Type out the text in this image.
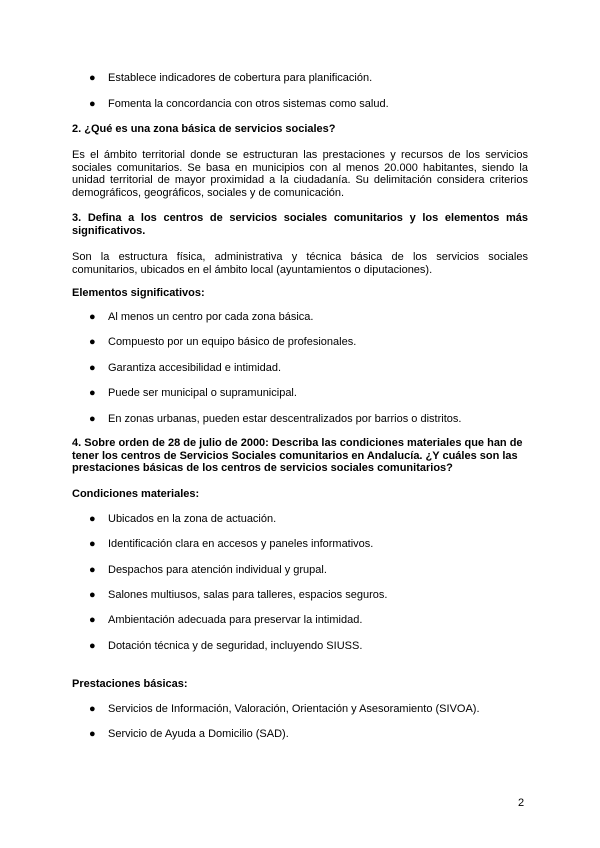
● Establece indicadores de cobertura para planificación.
● Fomenta la concordancia con otros sistemas como salud.

2. ¿Qué es una zona básica de servicios sociales?

Es el ámbito territorial donde se estructuran las prestaciones y recursos de los servicios sociales comunitarios. Se basa en municipios con al menos 20.000 habitantes, siendo la unidad territorial de mayor proximidad a la ciudadanía. Su delimitación considera criterios demográficos, geográficos, sociales y de comunicación.

3. Defina a los centros de servicios sociales comunitarios y los elementos más significativos.

Son la estructura física, administrativa y técnica básica de los servicios sociales comunitarios, ubicados en el ámbito local (ayuntamientos o diputaciones).

Elementos significativos:

● Al menos un centro por cada zona básica.
● Compuesto por un equipo básico de profesionales.
● Garantiza accesibilidad e intimidad.
● Puede ser municipal o supramunicipal.
● En zonas urbanas, pueden estar descentralizados por barrios o distritos.

4. Sobre orden de 28 de julio de 2000: Describa las condiciones materiales que han de tener los centros de Servicios Sociales comunitarios en Andalucía. ¿Y cuáles son las prestaciones básicas de los centros de servicios sociales comunitarios?

Condiciones materiales:

● Ubicados en la zona de actuación.
● Identificación clara en accesos y paneles informativos.
● Despachos para atención individual y grupal.
● Salones multiusos, salas para talleres, espacios seguros.
● Ambientación adecuada para preservar la intimidad.
● Dotación técnica y de seguridad, incluyendo SIUSS.

Prestaciones básicas:

● Servicios de Información, Valoración, Orientación y Asesoramiento (SIVOA).
● Servicio de Ayuda a Domicilio (SAD).
2
